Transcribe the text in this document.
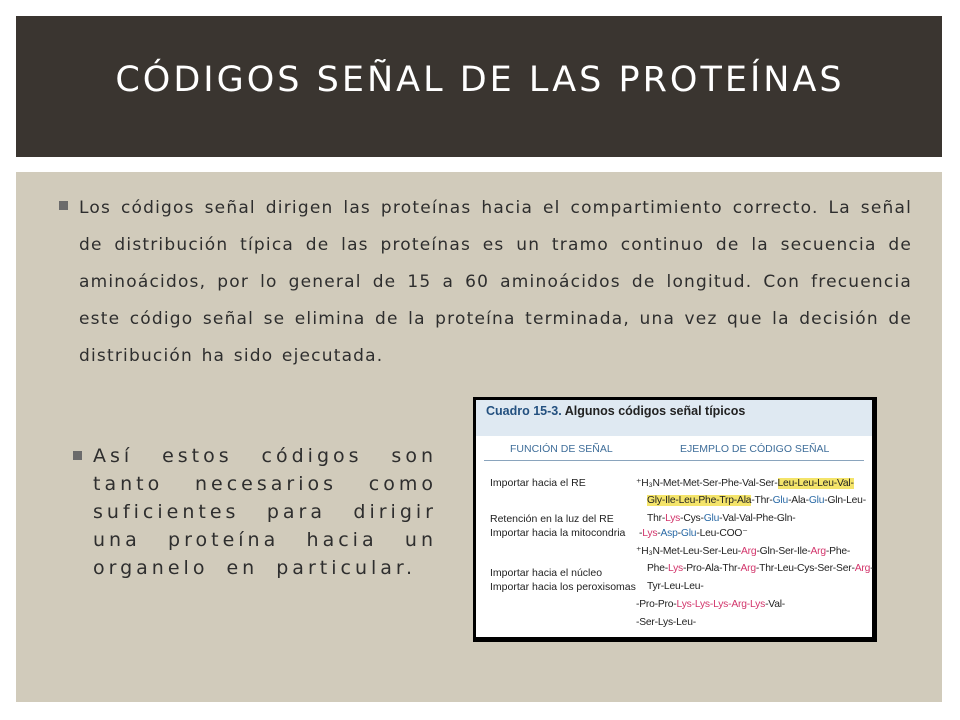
CÓDIGOS SEÑAL DE LAS PROTEÍNAS
Los códigos señal dirigen las proteínas hacia el compartimiento correcto. La señal de distribución típica de las proteínas es un tramo continuo de la secuencia de aminoácidos, por lo general de 15 a 60 aminoácidos de longitud. Con frecuencia este código señal se elimina de la proteína terminada, una vez que la decisión de distribución ha sido ejecutada.
Así estos códigos son tanto necesarios como suficientes para dirigir una proteína hacia un organelo en particular.
Cuadro 15-3. Algunos códigos señal típicos
FUNCIÓN DE SEÑAL	EJEMPLO DE CÓDIGO SEÑAL
Importar hacia el RE
Retención en la luz del RE
Importar hacia la mitocondria
Importar hacia el núcleo
Importar hacia los peroxisomas
⁺H₃N-Met-Met-Ser-Phe-Val-Ser-Leu-Leu-Leu-Val-
Gly-Ile-Leu-Phe-Trp-Ala-Thr-Glu-Ala-Glu-Gln-Leu-
Thr-Lys-Cys-Glu-Val-Val-Phe-Gln-
-Lys-Asp-Glu-Leu-COO⁻
⁺H₃N-Met-Leu-Ser-Leu-Arg-Gln-Ser-Ile-Arg-Phe-
Phe-Lys-Pro-Ala-Thr-Arg-Thr-Leu-Cys-Ser-Ser-Arg-
Tyr-Leu-Leu-
-Pro-Pro-Lys-Lys-Lys-Arg-Lys-Val-
-Ser-Lys-Leu-
